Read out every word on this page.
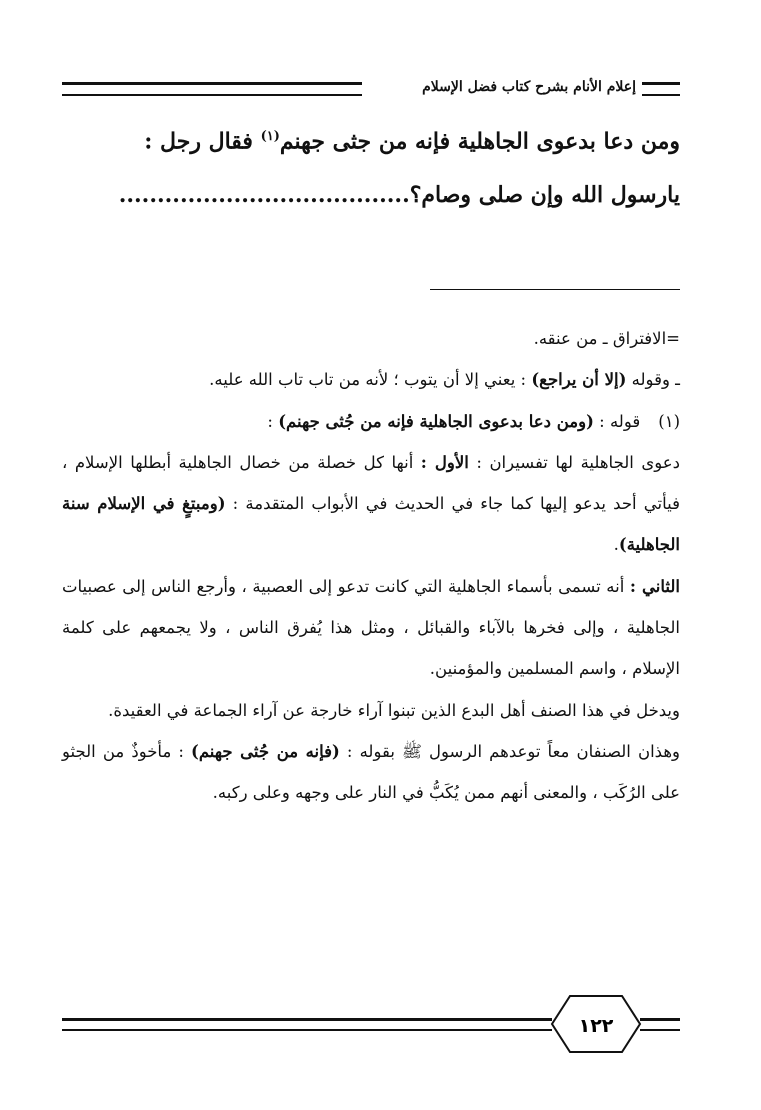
إعلام الأنام بشرح كتاب فضل الإسلام

ومن دعا بدعوى الجاهلية فإنه من جثى جهنم$^{(١)}$ فقال رجل :

يارسول الله وإن صلى وصام؟......................................

=الافتراق ـ من عنقه.

ـ وقوله (إلا أن يراجع) : يعني إلا أن يتوب ؛ لأنه من تاب تاب الله عليه.

(١)قوله : (ومن دعا بدعوى الجاهلية فإنه من جُثى جهنم) :

دعوى الجاهلية لها تفسيران : الأول : أنها كل خصلة من خصال الجاهلية أبطلها الإسلام ، فيأتي أحد يدعو إليها كما جاء في الحديث في الأبواب المتقدمة : (ومبتغٍ في الإسلام سنة الجاهلية).

الثاني : أنه تسمى بأسماء الجاهلية التي كانت تدعو إلى العصبية ، وأرجع الناس إلى عصبيات الجاهلية ، وإلى فخرها بالآباء والقبائل ، ومثل هذا يُفرق الناس ، ولا يجمعهم على كلمة الإسلام ، واسم المسلمين والمؤمنين.

ويدخل في هذا الصنف أهل البدع الذين تبنوا آراء خارجة عن آراء الجماعة في العقيدة.

وهذان الصنفان معاً توعدهم الرسول ﷺ بقوله : (فإنه من جُثى جهنم) : مأخوذٌ من الجثو على الرُكَب ، والمعنى أنهم ممن يُكَبُّ في النار على وجهه وعلى ركبه.

١٢٢
